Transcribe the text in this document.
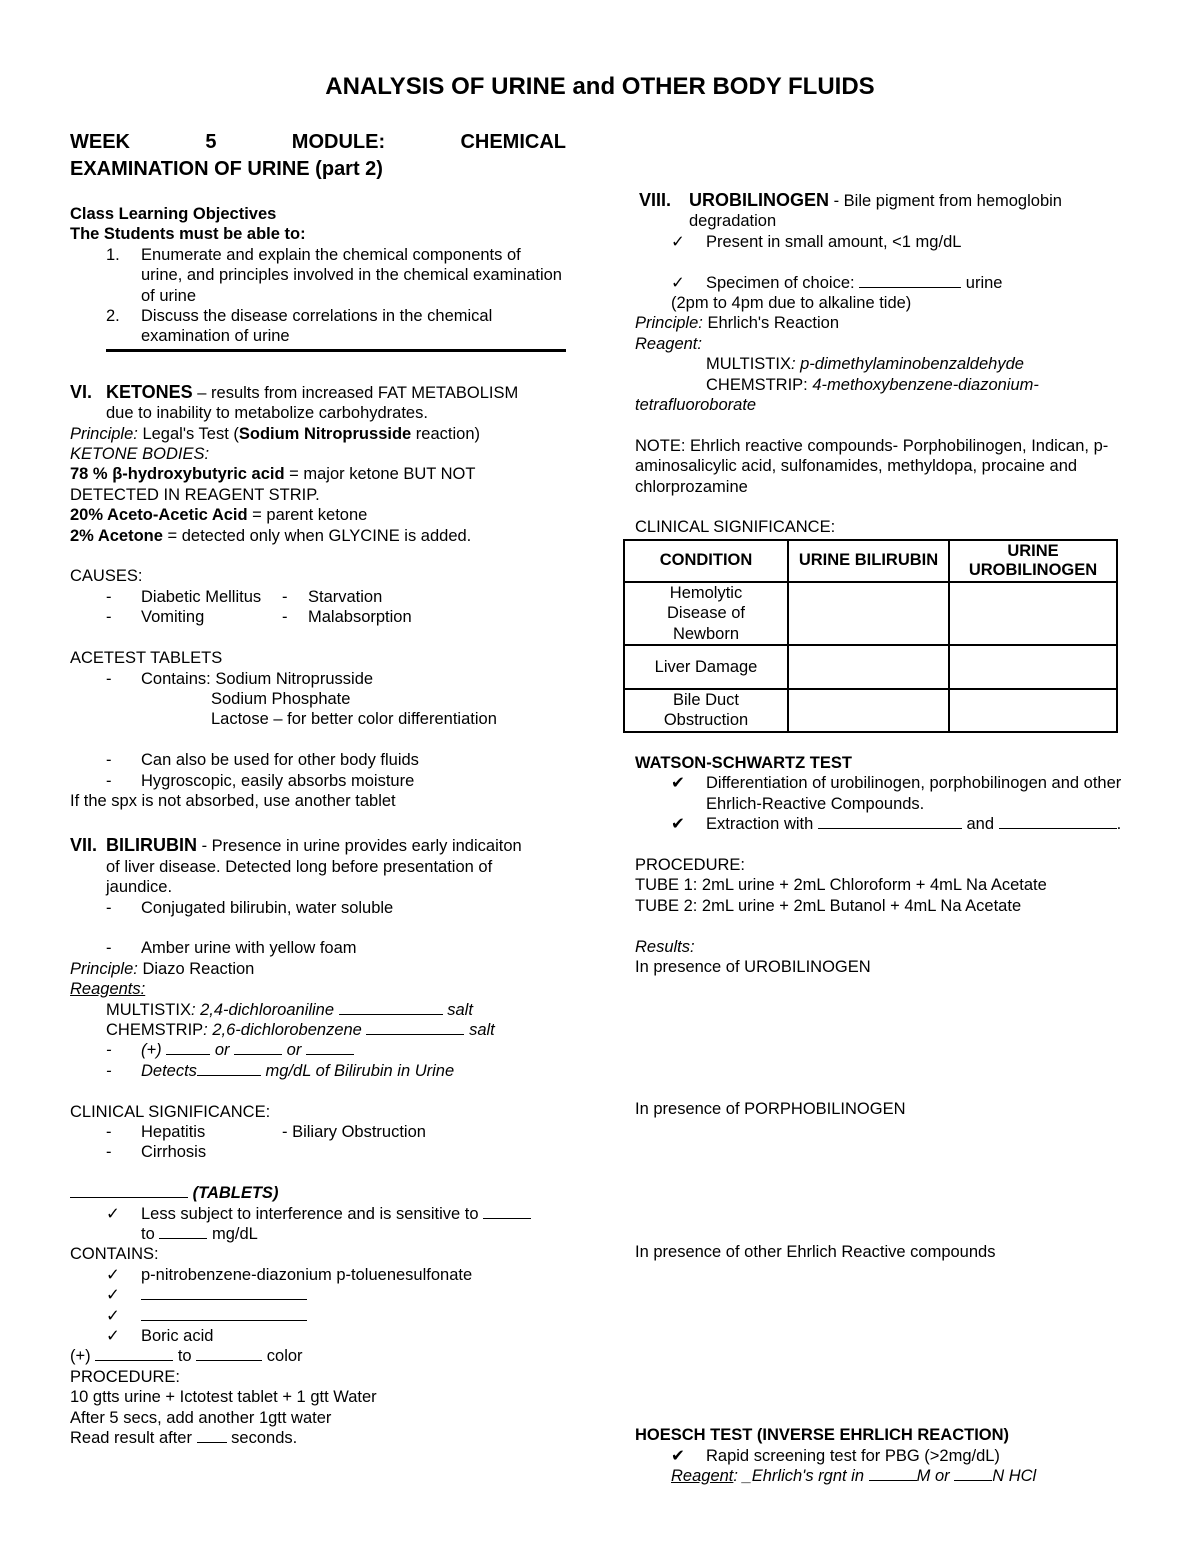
ANALYSIS OF URINE and OTHER BODY FLUIDS
WEEK	5	MODULE:	CHEMICAL
EXAMINATION OF URINE (part 2)
Class Learning Objectives
The Students must be able to:
1.	Enumerate and explain the chemical components of urine, and principles involved in the chemical examination of urine
2.	Discuss the disease correlations in the chemical examination of urine
VI. KETONES – results from increased FAT METABOLISM
due to inability to metabolize carbohydrates.
Principle: Legal's Test (Sodium Nitroprusside reaction)
KETONE BODIES:
78 % β-hydroxybutyric acid = major ketone BUT NOT
DETECTED IN REAGENT STRIP.
20% Aceto-Acetic Acid = parent ketone
2% Acetone = detected only when GLYCINE is added.
CAUSES:
-	Diabetic Mellitus	-	Starvation
-	Vomiting	-	Malabsorption
ACETEST TABLETS
-	Contains: Sodium Nitroprusside
Sodium Phosphate
Lactose – for better color differentiation
-	Can also be used for other body fluids
-	Hygroscopic, easily absorbs moisture
If the spx is not absorbed, use another tablet
VII. BILIRUBIN - Presence in urine provides early indicaiton
of liver disease. Detected long before presentation of
jaundice.
-	Conjugated bilirubin, water soluble
-	Amber urine with yellow foam
Principle: Diazo Reaction
Reagents:
MULTISTIX: 2,4-dichloroaniline	salt
CHEMSTRIP: 2,6-dichlorobenzene	salt
-	(+)	or	or
-	Detects	mg/dL of Bilirubin in Urine
CLINICAL SIGNIFICANCE:
-	Hepatitis	- Biliary Obstruction
-	Cirrhosis
(TABLETS)
✓	Less subject to interference and is sensitive to
to	mg/dL
CONTAINS:
✓	p-nitrobenzene-diazonium p-toluenesulfonate
✓
✓
✓	Boric acid
(+)	to	color
PROCEDURE:
10 gtts urine + Ictotest tablet + 1 gtt Water
After 5 secs, add another 1gtt water
Read result after seconds.
VIII. UROBILINOGEN - Bile pigment from hemoglobin
degradation
✓	Present in small amount, <1 mg/dL
✓	Specimen of choice:	urine
(2pm to 4pm due to alkaline tide)
Principle: Ehrlich's Reaction
Reagent:
MULTISTIX: p-dimethylaminobenzaldehyde
CHEMSTRIP: 4-methoxybenzene-diazonium-
tetrafluoroborate
NOTE: Ehrlich reactive compounds- Porphobilinogen, Indican, p-aminosalicylic acid, sulfonamides, methyldopa, procaine and chlorprozamine
CLINICAL SIGNIFICANCE:
CONDITION	URINE BILIRUBIN	URINE UROBILINOGEN
Hemolytic Disease of Newborn		
Liver Damage		
Bile Duct Obstruction		
WATSON-SCHWARTZ TEST
✔	Differentiation of urobilinogen, porphobilinogen and other Ehrlich-Reactive Compounds.
✔	Extraction with	and	.
PROCEDURE:
TUBE 1: 2mL urine + 2mL Chloroform + 4mL Na Acetate
TUBE 2: 2mL urine + 2mL Butanol + 4mL Na Acetate
Results:
In presence of UROBILINOGEN
In presence of PORPHOBILINOGEN
In presence of other Ehrlich Reactive compounds
HOESCH TEST (INVERSE EHRLICH REACTION)
✔	Rapid screening test for PBG (>2mg/dL)
Reagent: _Ehrlich's rgnt in	M or	N HCl
